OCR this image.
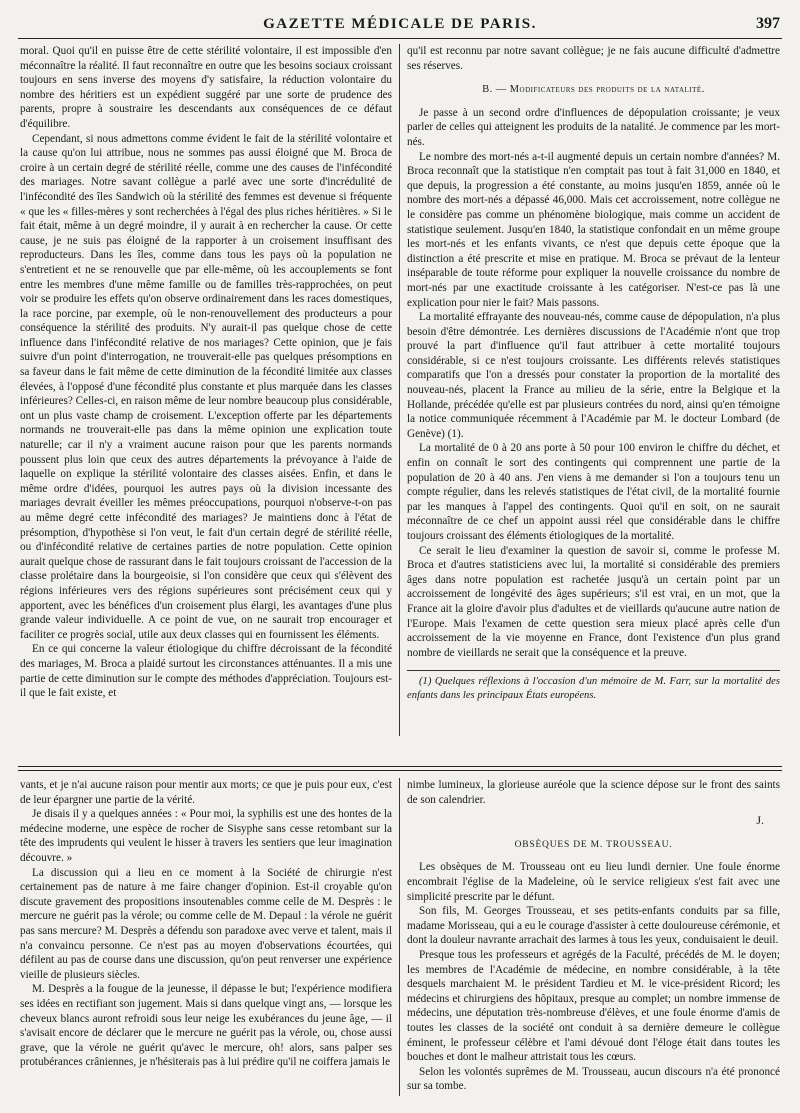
GAZETTE MÉDICALE DE PARIS.	397

moral. Quoi qu'il en puisse être de cette stérilité volontaire, il est impossible d'en méconnaître la réalité. Il faut reconnaître en outre que les besoins sociaux croissant toujours en sens inverse des moyens d'y satisfaire, la réduction volontaire du nombre des héritiers est un expédient suggéré par une sorte de prudence des parents, propre à soustraire les descendants aux conséquences de ce défaut d'équilibre.

Cependant, si nous admettons comme évident le fait de la stérilité volontaire et la cause qu'on lui attribue, nous ne sommes pas aussi éloigné que M. Broca de croire à un certain degré de stérilité réelle, comme une des causes de l'infécondité des mariages. Notre savant collègue a parlé avec une sorte d'incrédulité de l'infécondité des îles Sandwich où la stérilité des femmes est devenue si fréquente « que les « filles-mères y sont recherchées à l'égal des plus riches héritières. » Si le fait était, même à un degré moindre, il y aurait à en rechercher la cause. Or cette cause, je ne suis pas éloigné de la rapporter à un croisement insuffisant des reproducteurs. Dans les îles, comme dans tous les pays où la population ne s'entretient et ne se renouvelle que par elle-même, où les accouplements se font entre les membres d'une même famille ou de familles très-rapprochées, on peut voir se produire les effets qu'on observe ordinairement dans les races domestiques, la race porcine, par exemple, où le non-renouvellement des producteurs a pour conséquence la stérilité des produits. N'y aurait-il pas quelque chose de cette influence dans l'infécondité relative de nos mariages? Cette opinion, que je fais suivre d'un point d'interrogation, ne trouverait-elle pas quelques présomptions en sa faveur dans le fait même de cette diminution de la fécondité limitée aux classes élevées, à l'opposé d'une fécondité plus constante et plus marquée dans les classes inférieures? Celles-ci, en raison même de leur nombre beaucoup plus considérable, ont un plus vaste champ de croisement. L'exception offerte par les départements normands ne trouverait-elle pas dans la même opinion une explication toute naturelle; car il n'y a vraiment aucune raison pour que les parents normands poussent plus loin que ceux des autres départements la prévoyance à l'aide de laquelle on explique la stérilité volontaire des classes aisées. Enfin, et dans le même ordre d'idées, pourquoi les autres pays où la division incessante des mariages devrait éveiller les mêmes préoccupations, pourquoi n'observe-t-on pas au même degré cette infécondité des mariages? Je maintiens donc à l'état de présomption, d'hypothèse si l'on veut, le fait d'un certain degré de stérilité réelle, ou d'infécondité relative de certaines parties de notre population. Cette opinion aurait quelque chose de rassurant dans le fait toujours croissant de l'accession de la classe prolétaire dans la bourgeoisie, si l'on considère que ceux qui s'élèvent des régions inférieures vers des régions supérieures sont précisément ceux qui y apportent, avec les bénéfices d'un croisement plus élargi, les avantages d'une plus grande valeur individuelle. A ce point de vue, on ne saurait trop encourager et faciliter ce progrès social, utile aux deux classes qui en fournissent les éléments.

En ce qui concerne la valeur étiologique du chiffre décroissant de la fécondité des mariages, M. Broca a plaidé surtout les circonstances atténuantes. Il a mis une partie de cette diminution sur le compte des méthodes d'appréciation. Toujours est-il que le fait existe, et

qu'il est reconnu par notre savant collègue; je ne fais aucune difficulté d'admettre ses réserves.

B. — Modificateurs des produits de la natalité.

Je passe à un second ordre d'influences de dépopulation croissante; je veux parler de celles qui atteignent les produits de la natalité. Je commence par les mort-nés.

Le nombre des mort-nés a-t-il augmenté depuis un certain nombre d'années? M. Broca reconnaît que la statistique n'en comptait pas tout à fait 31,000 en 1840, et que depuis, la progression a été constante, au moins jusqu'en 1859, année où le nombre des mort-nés a dépassé 46,000. Mais cet accroissement, notre collègue ne le considère pas comme un phénomène biologique, mais comme un accident de statistique seulement. Jusqu'en 1840, la statistique confondait en un même groupe les mort-nés et les enfants vivants, ce n'est que depuis cette époque que la distinction a été prescrite et mise en pratique. M. Broca se prévaut de la lenteur inséparable de toute réforme pour expliquer la nouvelle croissance du nombre de mort-nés par une exactitude croissante à les catégoriser. N'est-ce pas là une explication pour nier le fait? Mais passons.

La mortalité effrayante des nouveau-nés, comme cause de dépopulation, n'a plus besoin d'être démontrée. Les dernières discussions de l'Académie n'ont que trop prouvé la part d'influence qu'il faut attribuer à cette mortalité toujours considérable, si ce n'est toujours croissante. Les différents relevés statistiques comparatifs que l'on a dressés pour constater la proportion de la mortalité des nouveau-nés, placent la France au milieu de la série, entre la Belgique et la Hollande, précédée qu'elle est par plusieurs contrées du nord, ainsi qu'en témoigne la notice communiquée récemment à l'Académie par M. le docteur Lombard (de Genève) (1).

La mortalité de 0 à 20 ans porte à 50 pour 100 environ le chiffre du déchet, et enfin on connaît le sort des contingents qui comprennent une partie de la population de 20 à 40 ans. J'en viens à me demander si l'on a toujours tenu un compte régulier, dans les relevés statistiques de l'état civil, de la mortalité fournie par les manques à l'appel des contingents. Quoi qu'il en soit, on ne saurait méconnaître de ce chef un appoint aussi réel que considérable dans le chiffre toujours croissant des éléments étiologiques de la mortalité.

Ce serait le lieu d'examiner la question de savoir si, comme le professe M. Broca et d'autres statisticiens avec lui, la mortalité si considérable des premiers âges dans notre population est rachetée jusqu'à un certain point par un accroissement de longévité des âges supérieurs; s'il est vrai, en un mot, que la France ait la gloire d'avoir plus d'adultes et de vieillards qu'aucune autre nation de l'Europe. Mais l'examen de cette question sera mieux placé après celle d'un accroissement de la vie moyenne en France, dont l'existence d'un plus grand nombre de vieillards ne serait que la conséquence et la preuve.

(1) Quelques réflexions à l'occasion d'un mémoire de M. Farr, sur la mortalité des enfants dans les principaux États européens.

vants, et je n'ai aucune raison pour mentir aux morts; ce que je puis pour eux, c'est de leur épargner une partie de la vérité.

Je disais il y a quelques années : « Pour moi, la syphilis est une des hontes de la médecine moderne, une espèce de rocher de Sisyphe sans cesse retombant sur la tête des imprudents qui veulent le hisser à travers les sentiers que leur imagination découvre. »

La discussion qui a lieu en ce moment à la Société de chirurgie n'est certainement pas de nature à me faire changer d'opinion. Est-il croyable qu'on discute gravement des propositions insoutenables comme celle de M. Desprès : le mercure ne guérit pas la vérole; ou comme celle de M. Depaul : la vérole ne guérit pas sans mercure? M. Desprès a défendu son paradoxe avec verve et talent, mais il n'a convaincu personne. Ce n'est pas au moyen d'observations écourtées, qui défilent au pas de course dans une discussion, qu'on peut renverser une expérience vieille de plusieurs siècles.

M. Desprès a la fougue de la jeunesse, il dépasse le but; l'expérience modifiera ses idées en rectifiant son jugement. Mais si dans quelque vingt ans, — lorsque les cheveux blancs auront refroidi sous leur neige les exubérances du jeune âge, — il s'avisait encore de déclarer que le mercure ne guérit pas la vérole, ou, chose aussi grave, que la vérole ne guérit qu'avec le mercure, oh! alors, sans palper ses protubérances crâniennes, je n'hésiterais pas à lui prédire qu'il ne coiffera jamais le

nimbe lumineux, la glorieuse auréole que la science dépose sur le front des saints de son calendrier.

J.
OBSÈQUES DE M. TROUSSEAU.

Les obsèques de M. Trousseau ont eu lieu lundi dernier. Une foule énorme encombrait l'église de la Madeleine, où le service religieux s'est fait avec une simplicité prescrite par le défunt.

Son fils, M. Georges Trousseau, et ses petits-enfants conduits par sa fille, madame Morisseau, qui a eu le courage d'assister à cette douloureuse cérémonie, et dont la douleur navrante arrachait des larmes à tous les yeux, conduisaient le deuil.

Presque tous les professeurs et agrégés de la Faculté, précédés de M. le doyen; les membres de l'Académie de médecine, en nombre considérable, à la tête desquels marchaient M. le président Tardieu et M. le vice-président Ricord; les médecins et chirurgiens des hôpitaux, presque au complet; un nombre immense de médecins, une députation très-nombreuse d'élèves, et une foule énorme d'amis de toutes les classes de la société ont conduit à sa dernière demeure le collègue éminent, le professeur célèbre et l'ami dévoué dont l'éloge était dans toutes les bouches et dont le malheur attristait tous les cœurs.

Selon les volontés suprêmes de M. Trousseau, aucun discours n'a été prononcé sur sa tombe.
